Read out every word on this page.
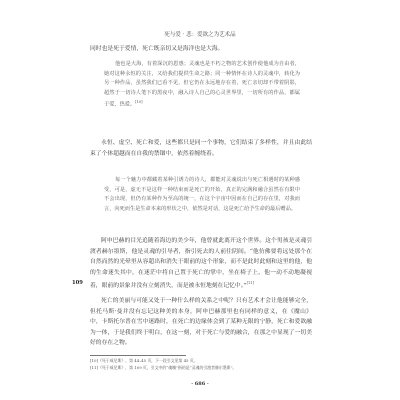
死与爱 · 悲：爱欲之为艺术品
同时也是死于爱情，死亡既亲切又是海洋也是大海。
他也是大海，有着深沉的恩惠；灵魂也是不朽之物的艺术创作使他成为自由者，她对这种永恒的关注，又给我们提供生命之路；同一种情怀在诗人的灵魂中，转化为另一种作品，虽然我们已看不见，但它仍在永远地存在着，死亡亲切却不带着阴影，超然于一切诗人笔下的黑夜中，融入诗人自己的心灵世界里，一切所有的作品，都属于爱，热爱。[10]
永恒、虚空、死亡和爱，这些都只是同一个事物，它们结束了多样性，并且由此结束了个体超越而在自我的禁锢中，依然着缠绕着。
每一个魅力中都藏着某种引诱力的诗人，都能对灵魂说出与死亡相遇时的某种感受，可是，虚无不是这样一种结束而是死亡的开始，真正的完满和融合虽然在有限中不会出现，但仍有某种作为至高的统一，在这个宇宙中因而在自己的存在里，对我而言，向死而生是生命本来的形状之中，依然是对话，这是死亡给予生命的最后赠品。
阿申巴赫的目光追随着海边的美少年，他曾就此离开这个世界。这个男孩是灵魂引渡者赫尔墨斯，他是灵魂的引导者，指引死去的人前往阴间。“他仿佛要将远处那个在自然而然的光晕里从容超出和消失于眼前的这个形象，而不是此时此刻和这里的他，他的生命迷失其中，在迷茫中将自己置于死亡的掌中，坐在椅子上，他一动不动地凝视着，眼前的景象并没有立刻消失，而是被永恒地刻在记忆中。”[11]
109
死亡的美丽与可能又处于一种什么样的关系之中呢？只有艺术才会让他能够完全，但托马斯·曼并没有忘记这种美的本身，阿申巴赫那里也有同样的意义，在《魔山》中，卡斯托尔普在雪中迷路时，在死亡的边缘体会到了某种无限的宁静，死亡和爱欲融为一体，于是我们终于明白，在这一刻，对于死亡与爱的融合，在那之中显现了一切美好的存在之物。
[10]《死于威尼斯》，第 44–45 页，下一段引文见第 45 页。
[11]《死于威尼斯》，第 109 页，引文中的“魂魄”指的是“灵魂的引渡者赫尔墨斯”。
· 686 ·
